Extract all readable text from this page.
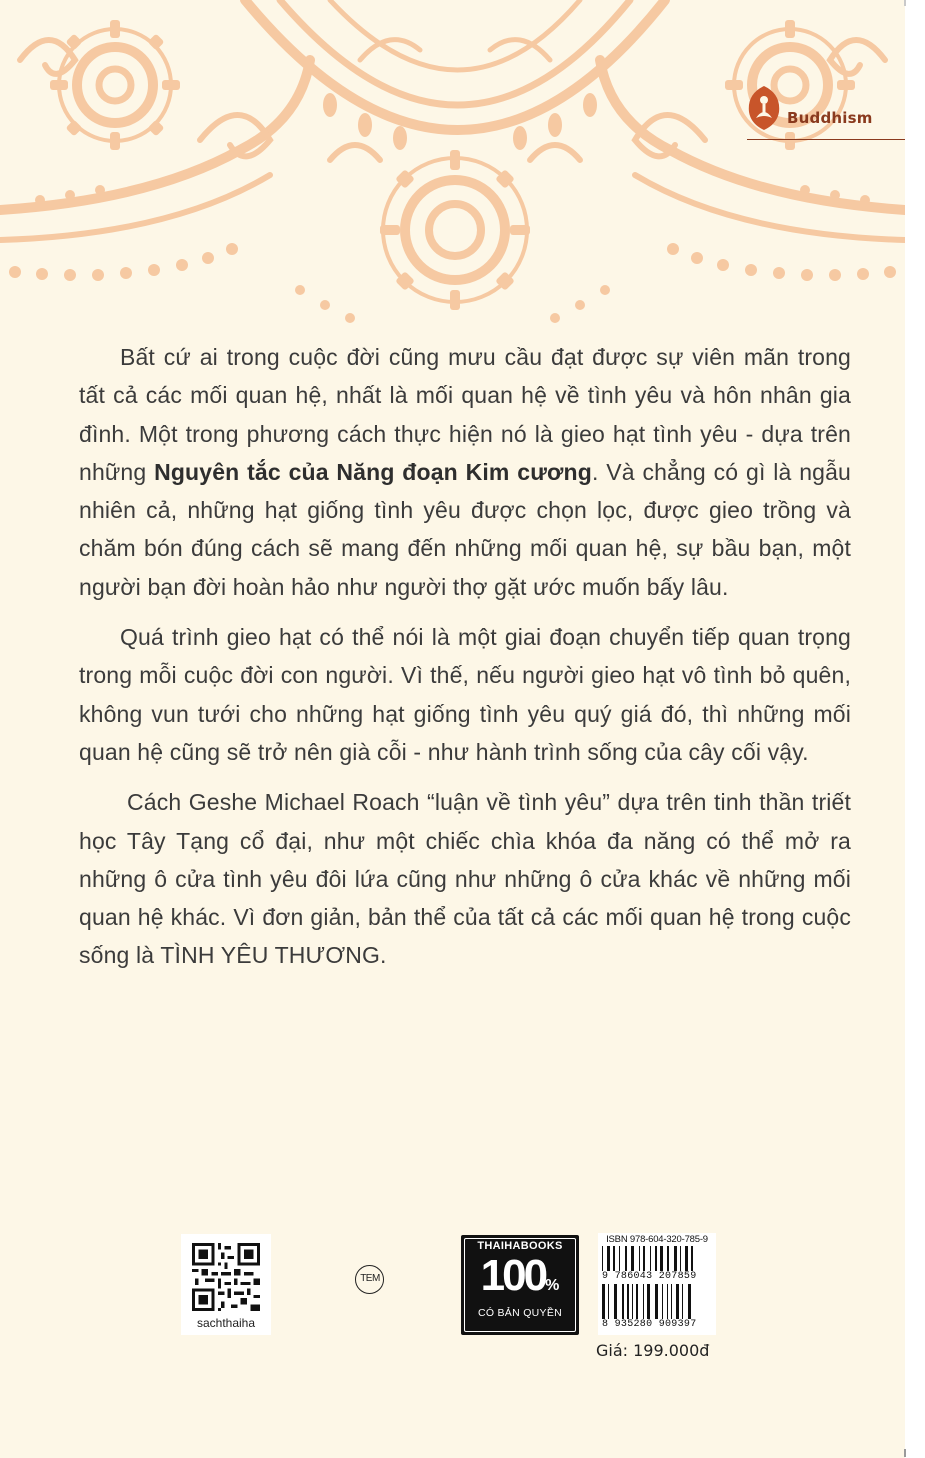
Buddhism

Bất cứ ai trong cuộc đời cũng mưu cầu đạt được sự viên mãn trong tất cả các mối quan hệ, nhất là mối quan hệ về tình yêu và hôn nhân gia đình. Một trong phương cách thực hiện nó là gieo hạt tình yêu - dựa trên những Nguyên tắc của Năng đoạn Kim cương. Và chẳng có gì là ngẫu nhiên cả, những hạt giống tình yêu được chọn lọc, được gieo trồng và chăm bón đúng cách sẽ mang đến những mối quan hệ, sự bầu bạn, một người bạn đời hoàn hảo như người thợ gặt ước muốn bấy lâu.

Quá trình gieo hạt có thể nói là một giai đoạn chuyển tiếp quan trọng trong mỗi cuộc đời con người. Vì thế, nếu người gieo hạt vô tình bỏ quên, không vun tưới cho những hạt giống tình yêu quý giá đó, thì những mối quan hệ cũng sẽ trở nên già cỗi - như hành trình sống của cây cối vậy.

Cách Geshe Michael Roach “luận về tình yêu” dựa trên tinh thần triết học Tây Tạng cổ đại, như một chiếc chìa khóa đa năng có thể mở ra những ô cửa tình yêu đôi lứa cũng như những ô cửa khác về những mối quan hệ khác. Vì đơn giản, bản thể của tất cả các mối quan hệ trong cuộc sống là TÌNH YÊU THƯƠNG.

sachthaiha
TEM
THAIHABOOKS
100%
CÓ BẢN QUYỀN
ISBN 978-604-320-785-9
9 786043 207859
8 935280 909397
Giá: 199.000đ
